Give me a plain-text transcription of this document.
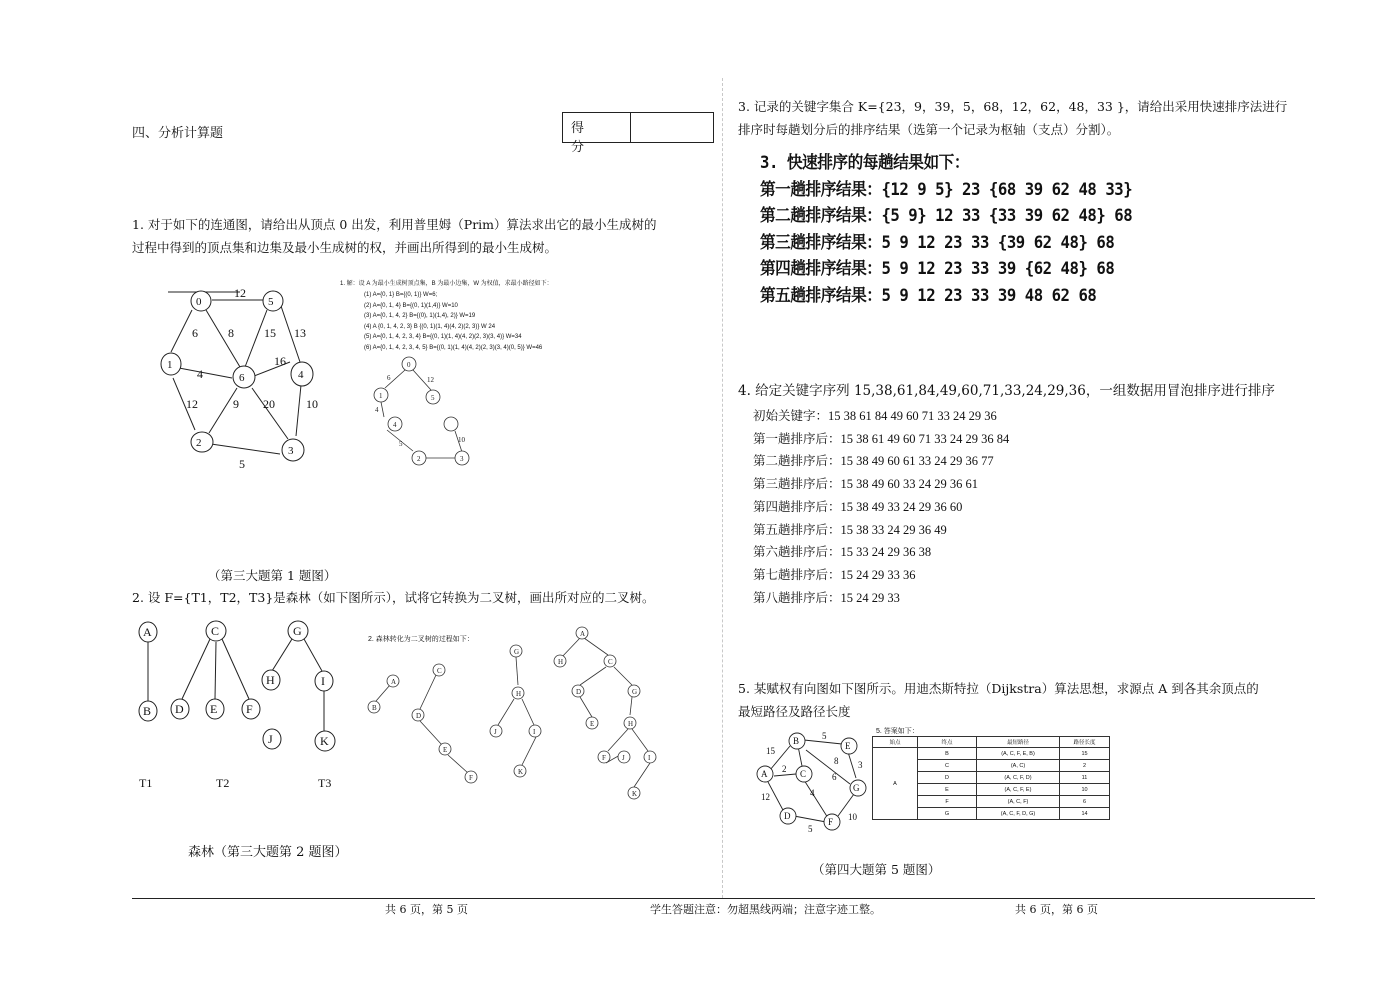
四、分析计算题	得 分
1. 对于如下的连通图，请给出从顶点 0 出发，利用普里姆（Prim）算法求出它的最小生成树的
过程中得到的顶点集和边集及最小生成树的权，并画出所得到的最小生成树。
0	5
1
6	4
2
3
12
6	8	15 13
4
16
12	9 20	10
5
1. 解：设 A 为最小生成树顶点集，B 为最小边集，W 为权值，求最小路径如下：
(1) A={0, 1} B={(0, 1)} W=6;
(2) A={0, 1, 4} B={(0, 1)(1,4)} W=10
(3) A={0, 1, 4, 2} B={(0), 1)(1,4), 2)} W=19
(4) A {0, 1, 4, 2, 3} B {(0, 1)(1, 4)(4, 2)(2, 3)} W 24
(5) A={0, 1, 4, 2, 3, 4} B={(0, 1)(1, 4)(4, 2)(2, 3)(3, 4)} W=34
(6) A={0, 1, 4, 2, 3, 4, 5} B={(0, 1)(1, 4)(4, 2)(2, 3)(3, 4)(0, 5)} W=46
0
1	5
4
2	3
6	12
4
5	10
（第三大题第 1 题图）
2. 设 F={T1，T2，T3}是森林（如下图所示），试将它转换为二叉树，画出所对应的二叉树。
A
B
C
D E F
G
H	I
J	K
T1	T2	T3
2. 森林转化为二叉树的过程如下：
A
B
C
D
E
F
G
H
J	I
K
H
A
C
D	G
E	H
F J	I
K
森林（第三大题第 2 题图）
3. 记录的关键字集合 K={23，9，39，5，68，12，62，48，33 }，请给出采用快速排序法进行
排序时每趟划分后的排序结果（选第一个记录为枢轴（支点）分割）。
3. 快速排序的每趟结果如下：
第一趟排序结果：{12 9 5} 23 {68 39 62 48 33}
第二趟排序结果：{5 9} 12 33 {33 39 62 48} 68
第三趟排序结果：5 9 12 23 33 {39 62 48} 68
第四趟排序结果：5 9 12 23 33 39 {62 48} 68
第五趟排序结果：5 9 12 23 33 39 48 62 68
4. 给定关键字序列 15,38,61,84,49,60,71,33,24,29,36，一组数据用冒泡排序进行排序
初始关键字：15 38 61 84 49 60 71 33 24 29 36
第一趟排序后：15 38 61 49 60 71 33 24 29 36 84
第二趟排序后：15 38 49 60 61 33 24 29 36 77
第三趟排序后：15 38 49 60 33 24 29 36 61
第四趟排序后：15 38 49 33 24 29 36 60
第五趟排序后：15 38 33 24 29 36 49
第六趟排序后：15 33 24 29 36 38
第七趟排序后：15 24 29 33 36
第八趟排序后：15 24 29 33
5. 某赋权有向图如下图所示。用迪杰斯特拉（Dijkstra）算法思想，求源点 A 到各其余顶点的
最短路径及路径长度
A
B
C
D
E
F
G
15
2
5
8
4
12
5
6
10
3
5. 答案如下：
始点	终点	最短路径	路径长度
A	B	(A, C, F, E, B)	15
	C	(A, C)	2
	D	(A, C, F, D)	11
	E	(A, C, F, E)	10
	F	(A, C, F)	6
	G	(A, C, F, D, G)	14
（第四大题第 5 题图）
共 6 页，第 5 页	学生答题注意：勿超黑线两端；注意字迹工整。	共 6 页，第 6 页
